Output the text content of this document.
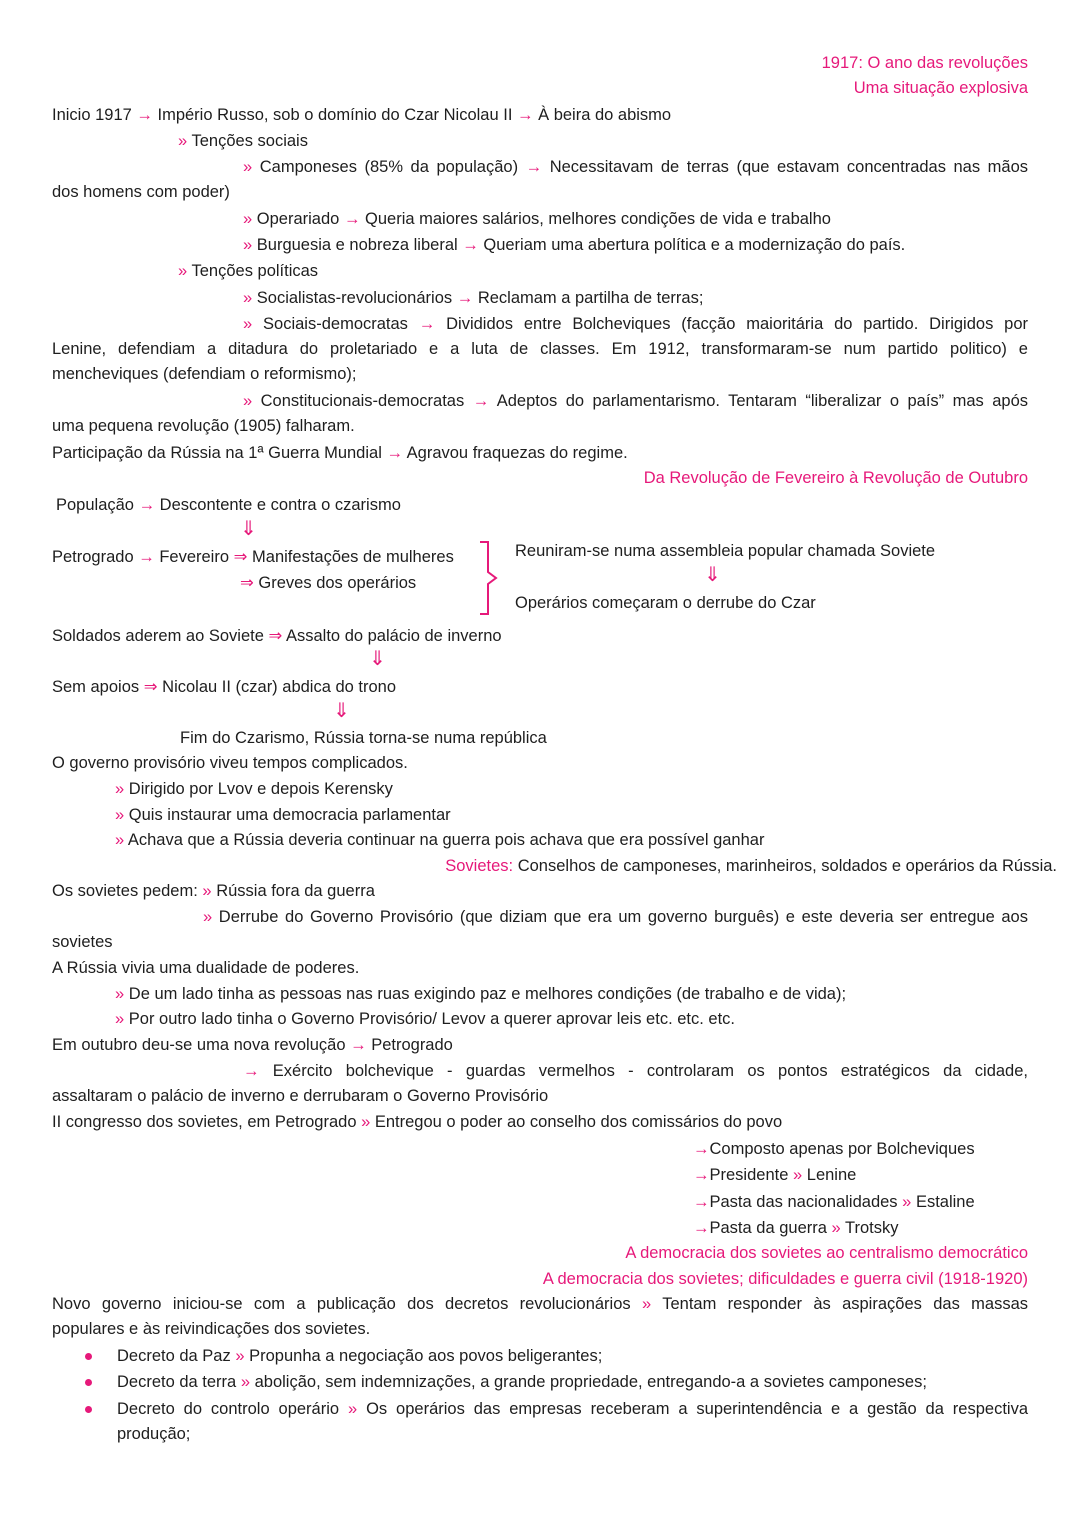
1917: O ano das revoluções
Uma situação explosiva
Inicio 1917 → Império Russo, sob o domínio do Czar Nicolau II → À beira do abismo
» Tenções sociais
» Camponeses (85% da população) → Necessitavam de terras (que estavam concentradas nas mãos
dos homens com poder)
» Operariado → Queria maiores salários, melhores condições de vida e trabalho
» Burguesia e nobreza liberal → Queriam uma abertura política e a modernização do país.
» Tenções políticas
» Socialistas-revolucionários → Reclamam a partilha de terras;
» Sociais-democratas → Divididos entre Bolcheviques (facção maioritária do partido. Dirigidos por
Lenine, defendiam a ditadura do proletariado e a luta de classes. Em 1912, transformaram-se num partido politico) e
mencheviques (defendiam o reformismo);
» Constitucionais-democratas → Adeptos do parlamentarismo. Tentaram “liberalizar o país” mas após
uma pequena revolução (1905) falharam.
Participação da Rússia na 1ª Guerra Mundial → Agravou fraquezas do regime.
Da Revolução de Fevereiro à Revolução de Outubro
População → Descontente e contra o czarismo
⇓
Petrogrado → Fevereiro ⇒ Manifestações de mulheres
⇒ Greves dos operários
Reuniram-se numa assembleia popular chamada Soviete
⇓
Operários começaram o derrube do Czar
Soldados aderem ao Soviete ⇒ Assalto do palácio de inverno
⇓
Sem apoios ⇒ Nicolau II (czar) abdica do trono
⇓
Fim do Czarismo, Rússia torna-se numa república
O governo provisório viveu tempos complicados.
» Dirigido por Lvov e depois Kerensky
» Quis instaurar uma democracia parlamentar
» Achava que a Rússia deveria continuar na guerra pois achava que era possível ganhar
Sovietes: Conselhos de camponeses, marinheiros, soldados e operários da Rússia.
Os sovietes pedem: » Rússia fora da guerra
» Derrube do Governo Provisório (que diziam que era um governo burguês) e este deveria ser entregue aos
sovietes
A Rússia vivia uma dualidade de poderes.
» De um lado tinha as pessoas nas ruas exigindo paz e melhores condições (de trabalho e de vida);
» Por outro lado tinha o Governo Provisório/ Levov a querer aprovar leis etc. etc. etc.
Em outubro deu-se uma nova revolução → Petrogrado
→ Exército bolchevique - guardas vermelhos - controlaram os pontos estratégicos da cidade,
assaltaram o palácio de inverno e derrubaram o Governo Provisório
II congresso dos sovietes, em Petrogrado » Entregou o poder ao conselho dos comissários do povo
→Composto apenas por Bolcheviques
→Presidente » Lenine
→Pasta das nacionalidades » Estaline
→Pasta da guerra » Trotsky
A democracia dos sovietes ao centralismo democrático
A democracia dos sovietes; dificuldades e guerra civil (1918-1920)
Novo governo iniciou-se com a publicação dos decretos revolucionários » Tentam responder às aspirações das massas
populares e às reivindicações dos sovietes.
Decreto da Paz » Propunha a negociação aos povos beligerantes;
Decreto da terra » abolição, sem indemnizações, a grande propriedade, entregando-a a sovietes camponeses;
Decreto do controlo operário » Os operários das empresas receberam a superintendência e a gestão da respectiva
produção;
